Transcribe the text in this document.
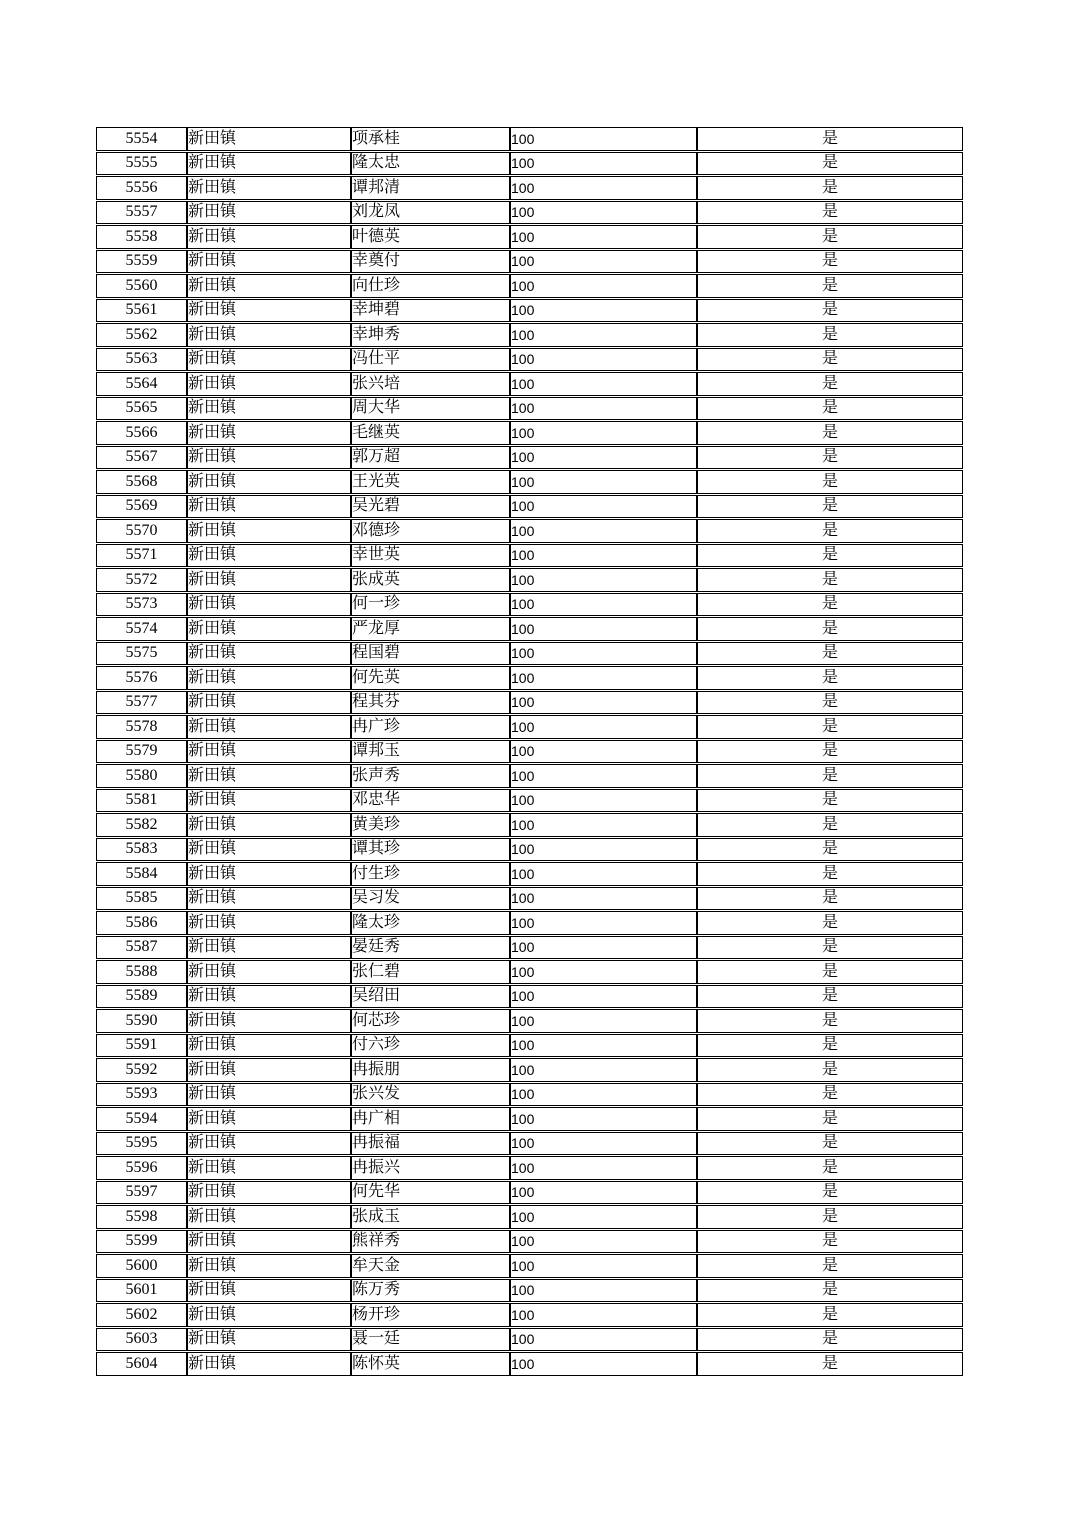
5554	新田镇	项承桂	100	是
5555	新田镇	隆太忠	100	是
5556	新田镇	谭邦清	100	是
5557	新田镇	刘龙凤	100	是
5558	新田镇	叶德英	100	是
5559	新田镇	幸奠付	100	是
5560	新田镇	向仕珍	100	是
5561	新田镇	幸坤碧	100	是
5562	新田镇	幸坤秀	100	是
5563	新田镇	冯仕平	100	是
5564	新田镇	张兴培	100	是
5565	新田镇	周大华	100	是
5566	新田镇	毛继英	100	是
5567	新田镇	郭万超	100	是
5568	新田镇	王光英	100	是
5569	新田镇	吴光碧	100	是
5570	新田镇	邓德珍	100	是
5571	新田镇	幸世英	100	是
5572	新田镇	张成英	100	是
5573	新田镇	何一珍	100	是
5574	新田镇	严龙厚	100	是
5575	新田镇	程国碧	100	是
5576	新田镇	何先英	100	是
5577	新田镇	程其芬	100	是
5578	新田镇	冉广珍	100	是
5579	新田镇	谭邦玉	100	是
5580	新田镇	张声秀	100	是
5581	新田镇	邓忠华	100	是
5582	新田镇	黄美珍	100	是
5583	新田镇	谭其珍	100	是
5584	新田镇	付生珍	100	是
5585	新田镇	吴习发	100	是
5586	新田镇	隆太珍	100	是
5587	新田镇	晏廷秀	100	是
5588	新田镇	张仁碧	100	是
5589	新田镇	吴绍田	100	是
5590	新田镇	何芯珍	100	是
5591	新田镇	付六珍	100	是
5592	新田镇	冉振朋	100	是
5593	新田镇	张兴发	100	是
5594	新田镇	冉广相	100	是
5595	新田镇	冉振福	100	是
5596	新田镇	冉振兴	100	是
5597	新田镇	何先华	100	是
5598	新田镇	张成玉	100	是
5599	新田镇	熊祥秀	100	是
5600	新田镇	牟天金	100	是
5601	新田镇	陈万秀	100	是
5602	新田镇	杨开珍	100	是
5603	新田镇	聂一廷	100	是
5604	新田镇	陈怀英	100	是
